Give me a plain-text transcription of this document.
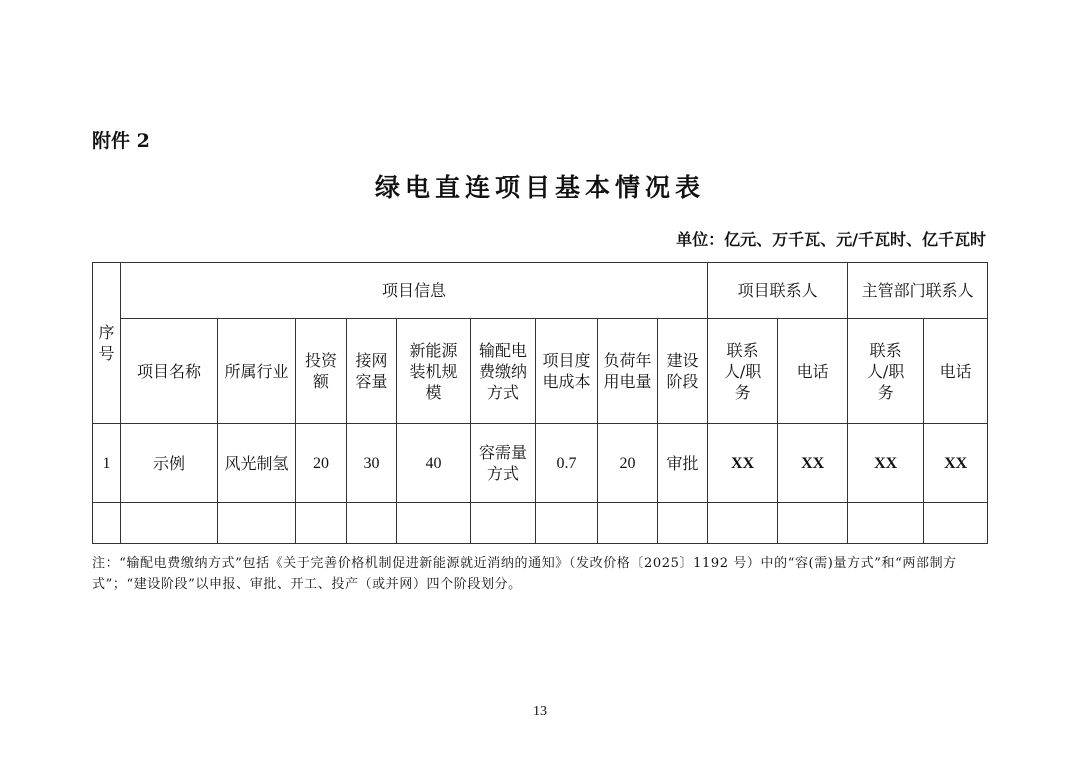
附件 2
绿电直连项目基本情况表
单位：亿元、万千瓦、元/千瓦时、亿千瓦时
序号	项目信息									项目联系人		主管部门联系人	
	项目名称	所属行业	投资额	接网容量	新能源装机规模	输配电费缴纳方式	项目度电成本	负荷年用电量	建设阶段	联系人/职务	电话	联系人/职务	电话
1	示例	风光制氢	20	30	40	容需量方式	0.7	20	审批	XX	XX	XX	XX

注：“输配电费缴纳方式”包括《关于完善价格机制促进新能源就近消纳的通知》（发改价格〔2025〕1192 号）中的“容(需)量方式”和“两部制方式”；“建设阶段”以申报、审批、开工、投产（或并网）四个阶段划分。
13
